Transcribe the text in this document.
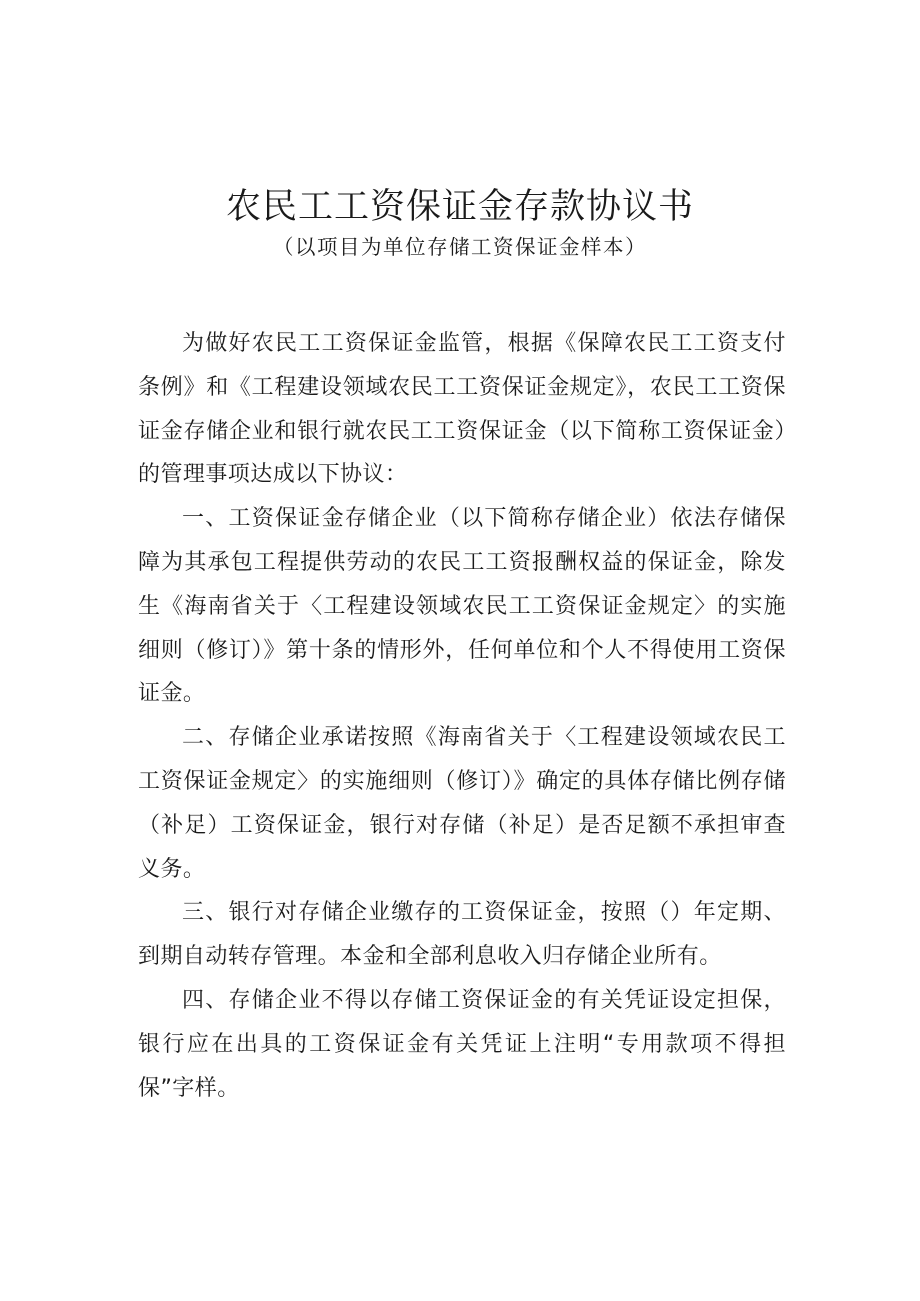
农民工工资保证金存款协议书
（以项目为单位存储工资保证金样本）

为做好农民工工资保证金监管，根据《保障农民工工资支付条例》和《工程建设领域农民工工资保证金规定》，农民工工资保证金存储企业和银行就农民工工资保证金（以下简称工资保证金）的管理事项达成以下协议：

一、工资保证金存储企业（以下简称存储企业）依法存储保障为其承包工程提供劳动的农民工工资报酬权益的保证金，除发生《海南省关于〈工程建设领域农民工工资保证金规定〉的实施细则（修订）》第十条的情形外，任何单位和个人不得使用工资保证金。

二、存储企业承诺按照《海南省关于〈工程建设领域农民工工资保证金规定〉的实施细则（修订）》确定的具体存储比例存储（补足）工资保证金，银行对存储（补足）是否足额不承担审查义务。

三、银行对存储企业缴存的工资保证金，按照（）年定期、到期自动转存管理。本金和全部利息收入归存储企业所有。

四、存储企业不得以存储工资保证金的有关凭证设定担保，银行应在出具的工资保证金有关凭证上注明“专用款项不得担保”字样。
